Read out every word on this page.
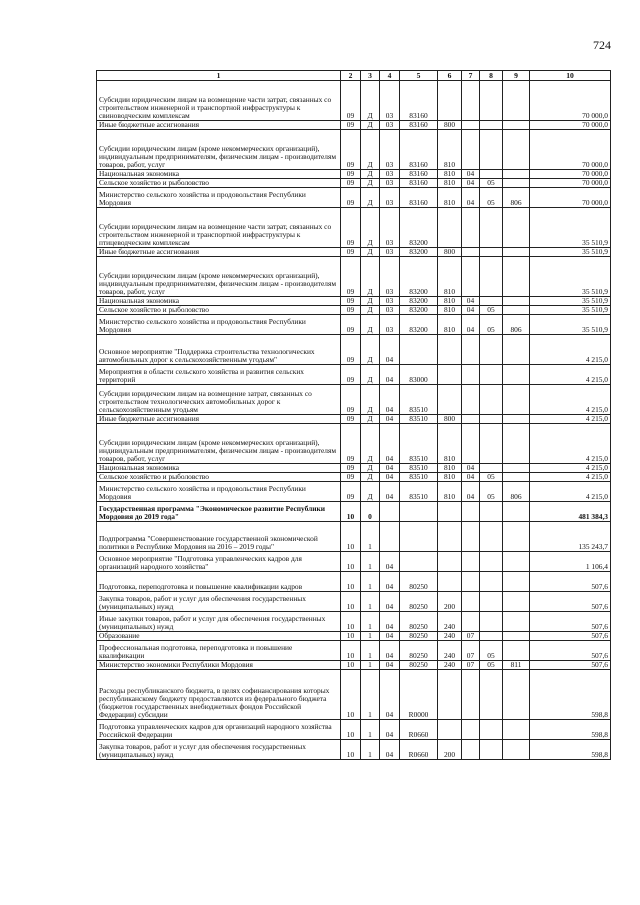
724
1	2	3	4	5	6	7	8	9	10
Субсидии юридическим лицам на возмещение части затрат, связанных со строительством инженерной и транспортной инфраструктуры к свиноводческим комплексам	09	Д	03	83160					70 000,0
Иные бюджетные ассигнования	09	Д	03	83160	800				70 000,0
Субсидии юридическим лицам (кроме некоммерческих организаций), индивидуальным предпринимателям, физическим лицам - производителям товаров, работ, услуг	09	Д	03	83160	810				70 000,0
Национальная экономика	09	Д	03	83160	810	04			70 000,0
Сельское хозяйство и рыболовство	09	Д	03	83160	810	04	05		70 000,0
Министерство сельского хозяйства и продовольствия Республики Мордовия	09	Д	03	83160	810	04	05	806	70 000,0
Субсидии юридическим лицам на возмещение части затрат, связанных со строительством инженерной и транспортной инфраструктуры к птицеводческим комплексам	09	Д	03	83200					35 510,9
Иные бюджетные ассигнования	09	Д	03	83200	800				35 510,9
Субсидии юридическим лицам (кроме некоммерческих организаций), индивидуальным предпринимателям, физическим лицам - производителям товаров, работ, услуг	09	Д	03	83200	810				35 510,9
Национальная экономика	09	Д	03	83200	810	04			35 510,9
Сельское хозяйство и рыболовство	09	Д	03	83200	810	04	05		35 510,9
Министерство сельского хозяйства и продовольствия Республики Мордовия	09	Д	03	83200	810	04	05	806	35 510,9
Основное мероприятие "Поддержка строительства технологических автомобильных дорог к сельскохозяйственным угодьям"	09	Д	04						4 215,0
Мероприятия в области сельского хозяйства и развития сельских территорий	09	Д	04	83000					4 215,0
Субсидии юридическим лицам на возмещение затрат, связанных со строительством технологических автомобильных дорог к сельскохозяйственным угодьям	09	Д	04	83510					4 215,0
Иные бюджетные ассигнования	09	Д	04	83510	800				4 215,0
Субсидии юридическим лицам (кроме некоммерческих организаций), индивидуальным предпринимателям, физическим лицам - производителям товаров, работ, услуг	09	Д	04	83510	810				4 215,0
Национальная экономика	09	Д	04	83510	810	04			4 215,0
Сельское хозяйство и рыболовство	09	Д	04	83510	810	04	05		4 215,0
Министерство сельского хозяйства и продовольствия Республики Мордовия	09	Д	04	83510	810	04	05	806	4 215,0
Государственная программа "Экономическое развитие Республики Мордовия до 2019 года"	10	0							481 384,3
Подпрограмма "Совершенствование государственной экономической политики в Республике Мордовия на 2016 – 2019 годы"	10	1							135 243,7
Основное мероприятие "Подготовка управленческих кадров для организаций народного хозяйства"	10	1	04						1 106,4
Подготовка, переподготовка и повышение квалификации кадров	10	1	04	80250					507,6
Закупка товаров, работ и услуг для обеспечения государственных (муниципальных) нужд	10	1	04	80250	200				507,6
Иные закупки товаров, работ и услуг для обеспечения государственных (муниципальных) нужд	10	1	04	80250	240				507,6
Образование	10	1	04	80250	240	07			507,6
Профессиональная подготовка, переподготовка и повышение квалификации	10	1	04	80250	240	07	05		507,6
Министерство экономики Республики Мордовия	10	1	04	80250	240	07	05	811	507,6
Расходы республиканского бюджета, в целях софинансирования которых республиканскому бюджету предоставляются из федерального бюджета (бюджетов государственных внебюджетных фондов Российской Федерации) субсидии	10	1	04	R0000					598,8
Подготовка управленческих кадров для организаций народного хозяйства Российской Федерации	10	1	04	R0660					598,8
Закупка товаров, работ и услуг для обеспечения государственных (муниципальных) нужд	10	1	04	R0660	200				598,8
